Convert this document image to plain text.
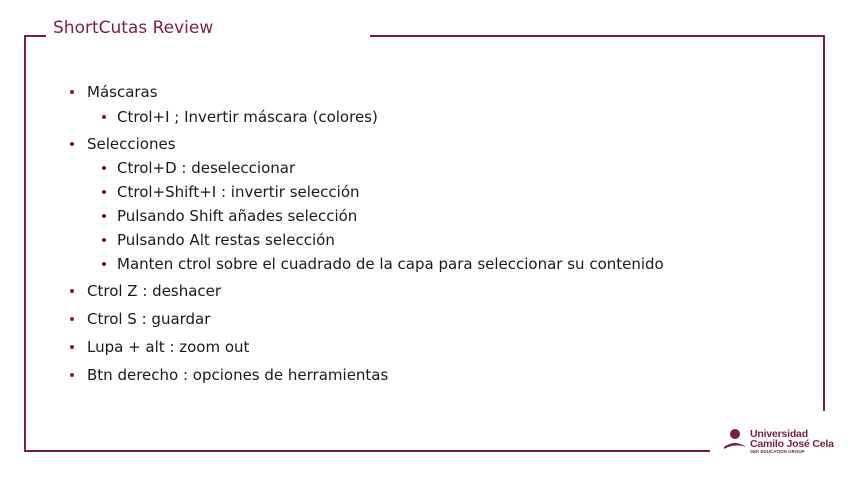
ShortCutas Review
Máscaras
Ctrol+I ; Invertir máscara (colores)
Selecciones
Ctrol+D : deseleccionar
Ctrol+Shift+I : invertir selección
Pulsando Shift añades selección
Pulsando Alt restas selección
Manten ctrol sobre el cuadrado de la capa para seleccionar su contenido
Ctrol Z : deshacer
Ctrol S : guardar
Lupa + alt : zoom out
Btn derecho : opciones de herramientas
Universidad
Camilo José Cela
SEK EDUCATION GROUP
